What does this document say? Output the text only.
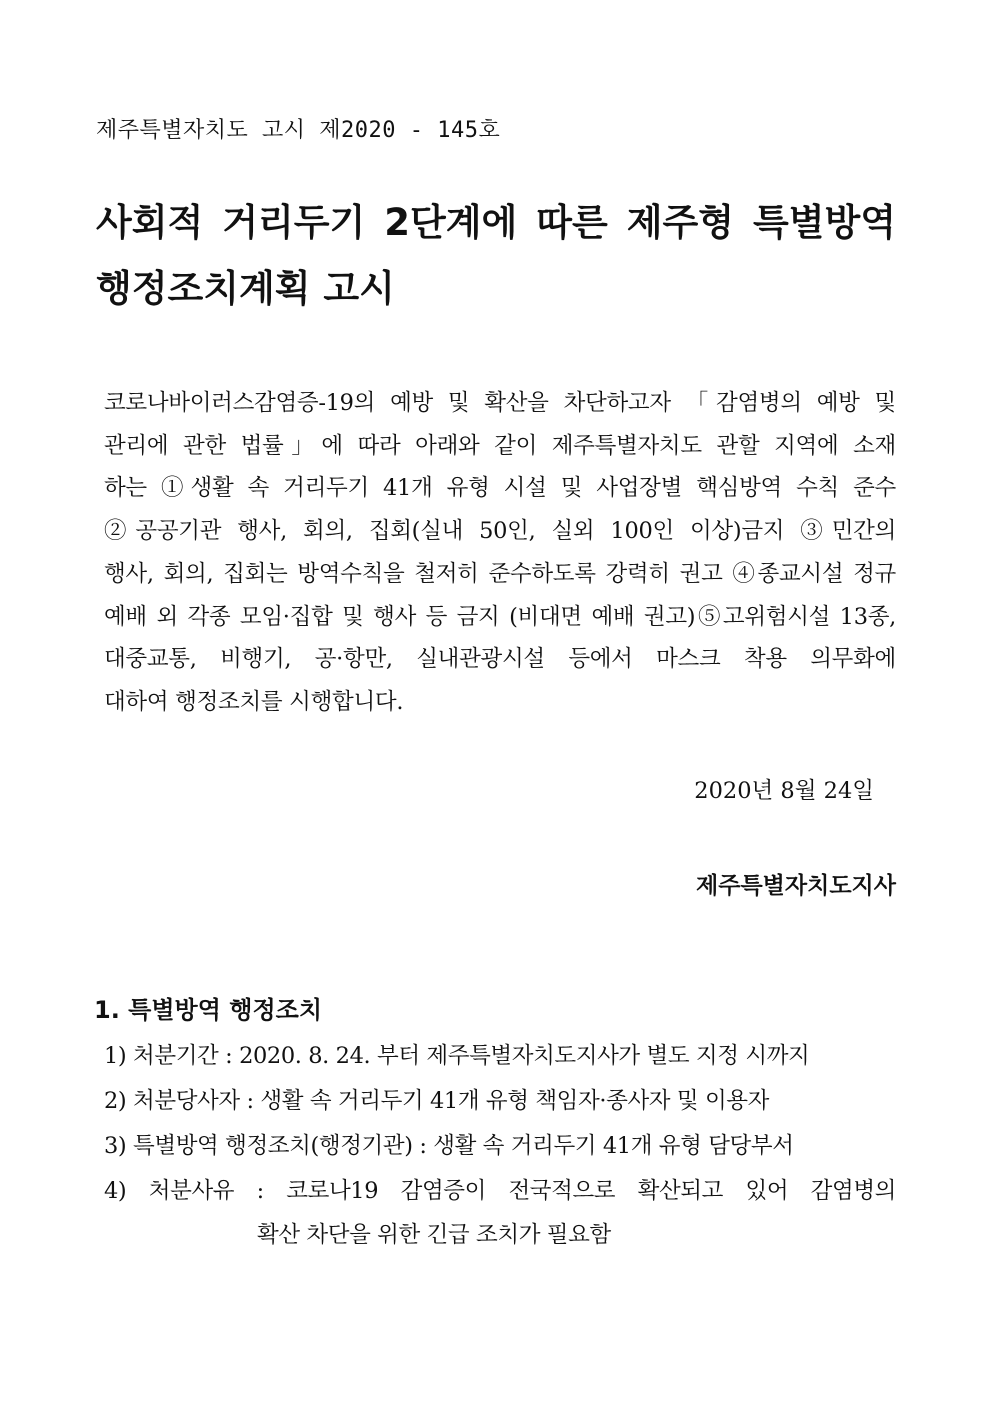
제주특별자치도 고시 제2020 - 145호
사회적 거리두기 2단계에 따른 제주형 특별방역
행정조치계획 고시
코로나바이러스감염증-19의 예방 및 확산을 차단하고자 「감염병의 예방 및
관리에 관한 법률」에 따라 아래와 같이 제주특별자치도 관할 지역에 소재
하는 ①생활 속 거리두기 41개 유형 시설 및 사업장별 핵심방역 수칙 준수
②공공기관 행사, 회의, 집회(실내 50인, 실외 100인 이상)금지 ③민간의
행사, 회의, 집회는 방역수칙을 철저히 준수하도록 강력히 권고 ④종교시설 정규
예배 외 각종 모임·집합 및 행사 등 금지 (비대면 예배 권고)⑤고위험시설 13종,
대중교통, 비행기, 공·항만, 실내관광시설 등에서 마스크 착용 의무화에
대하여 행정조치를 시행합니다.
2020년 8월 24일
제주특별자치도지사
1. 특별방역 행정조치
1) 처분기간 : 2020. 8. 24. 부터 제주특별자치도지사가 별도 지정 시까지
2) 처분당사자 : 생활 속 거리두기 41개 유형 책임자·종사자 및 이용자
3) 특별방역 행정조치(행정기관) : 생활 속 거리두기 41개 유형 담당부서
4) 처분사유 : 코로나19 감염증이 전국적으로 확산되고 있어 감염병의
확산 차단을 위한 긴급 조치가 필요함
